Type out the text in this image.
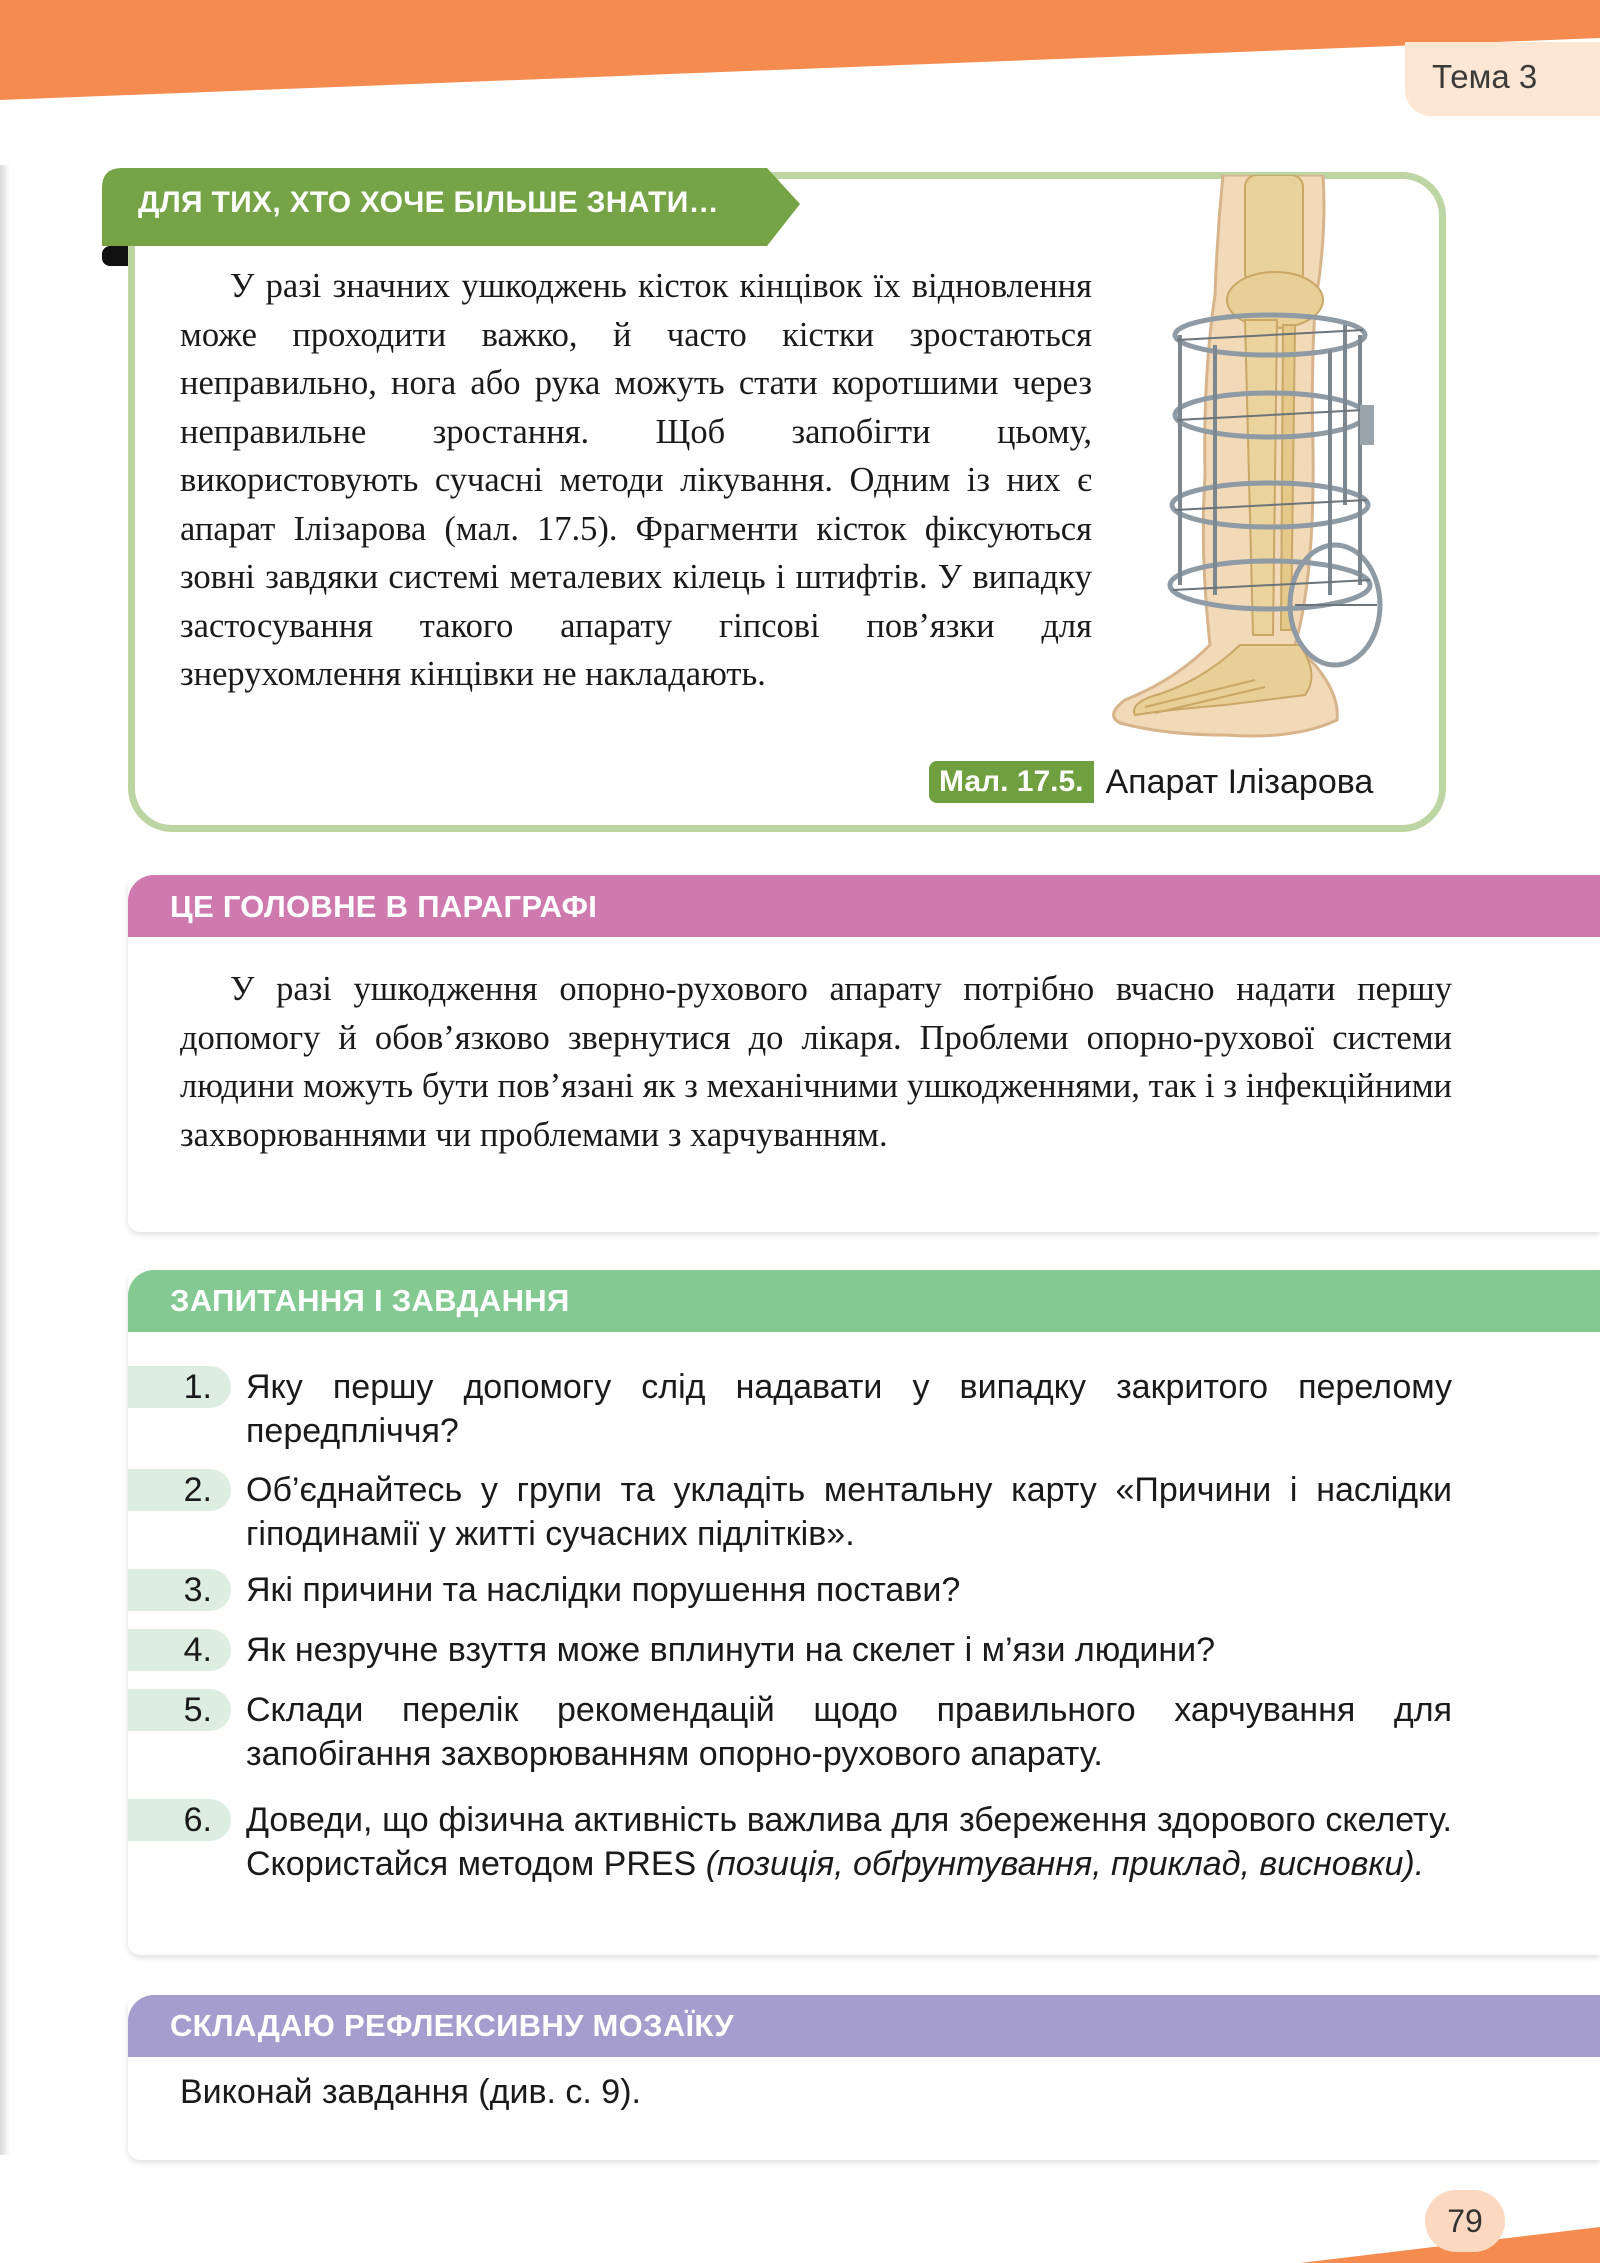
Тема 3
ДЛЯ ТИХ, ХТО ХОЧЕ БІЛЬШЕ ЗНАТИ…

У разі значних ушкоджень кісток кінцівок їх відновлення може проходити важко, й часто кістки зростаються неправильно, нога або рука можуть стати коротшими через неправильне зростання. Щоб запобігти цьому, використовують сучасні методи лікування. Одним із них є апарат Ілізарова (мал. 17.5). Фрагменти кісток фіксуються зовні завдяки системі металевих кілець і штифтів. У випадку застосування такого апарату гіпсові пов’язки для знерухомлення кінцівки не накладають.

Мал. 17.5. Апарат Ілізарова
ЦЕ ГОЛОВНЕ В ПАРАГРАФІ

У разі ушкодження опорно-рухового апарату потрібно вчасно надати першу допомогу й обов’язково звернутися до лікаря. Проблеми опорно-рухової системи людини можуть бути пов’язані як з механічними ушкодженнями, так і з інфекційними захворюваннями чи проблемами з харчуванням.

ЗАПИТАННЯ І ЗАВДАННЯ
1. Яку першу допомогу слід надавати у випадку закритого перелому передпліччя?

2. Об’єднайтесь у групи та укладіть ментальну карту «Причини і наслідки гіподинамії у житті сучасних підлітків».

3. Які причини та наслідки порушення постави?

4. Як незручне взуття може вплинути на скелет і м’язи людини?

5. Склади перелік рекомендацій щодо правильного харчування для запобігання захворюванням опорно-рухового апарату.

6. Доведи, що фізична активність важлива для збереження здорового скелету. Скористайся методом PRES (позиція, обґрунтування, приклад, висновки).

СКЛАДАЮ РЕФЛЕКСИВНУ МОЗАЇКУ
Виконай завдання (див. с. 9).
79
